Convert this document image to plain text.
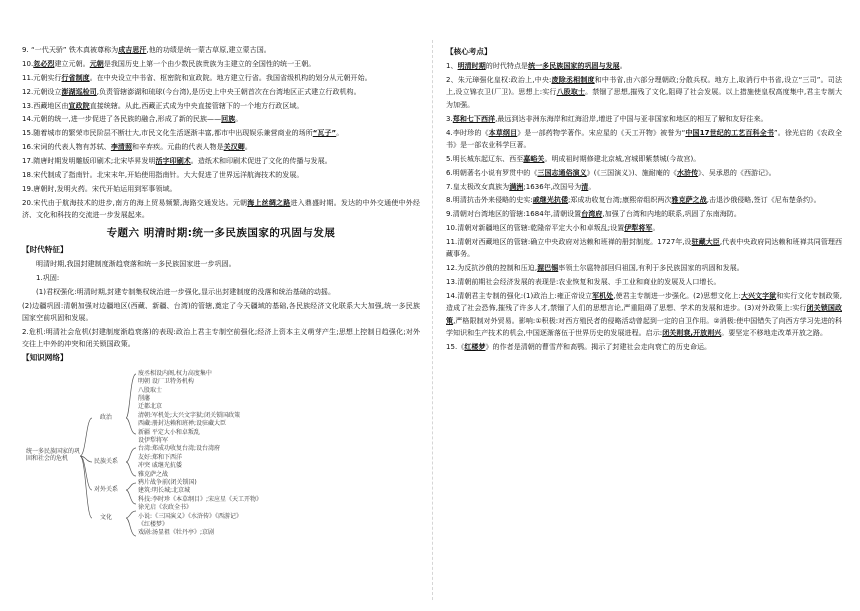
9. “一代天骄” 铁木真被尊称为成吉思汗,他的功绩是统一蒙古草原,建立蒙古国。

10.忽必烈建立元朝。元朝是我国历史上第一个由少数民族贵族为主建立的全国性的统一王朝。

11.元朝实行行省制度。在中央设立中书省、枢密院和宣政院。地方建立行省。我国省级机构的划分从元朝开始。

12.元朝设立澎湖巡检司,负责管辖澎湖和琉球(今台湾),是历史上中央王朝首次在台湾地区正式建立行政机构。

13.西藏地区由宣政院直接统辖。从此,西藏正式成为中央直接管辖下的一个地方行政区域。

14.元朝的统一,进一步促进了各民族的融合,形成了新的民族——回族。

15.随着城市的繁荣市民阶层不断壮大,市民文化生活逐渐丰富,都市中出现娱乐兼营商业的场所“瓦子”。

16.宋词的代表人物有苏轼、李清照和辛弃疾。元曲的代表人物是关汉卿。

17.隋唐时期发明雕版印刷术;北宋毕昇发明活字印刷术。造纸术和印刷术促进了文化的传播与发展。

18.宋代制成了指南针。北宋末年,开始使用指南针。大大促进了世界远洋航海技术的发展。

19.唐朝时,发明火药。宋代开始运用到军事领域。

20.宋代由于航海技术的进步,南方的海上贸易频繁,海路交通发达。元朝海上丝绸之路进入鼎盛时期。发达的中外交通使中外经济、文化和科技的交流进一步发展起来。

专题六 明清时期:统一多民族国家的巩固与发展
【时代特征】

明清时期,我国封建制度渐趋衰落和统一多民族国家进一步巩固。

1.巩固:

(1)君权强化:明清时期,封建专制集权统治进一步强化,显示出封建制度的没落和统治基础的动摇。

(2)边疆巩固:清朝加强对边疆地区(西藏、新疆、台湾)的管辖,奠定了今天疆域的基础,各民族经济文化联系大大加强,统一多民族国家空前巩固和发展。

2.危机:明清社会危机(封建制度渐趋衰落)的表现:政治上君主专制空前强化;经济上资本主义萌芽产生;思想上控制日趋强化;对外交往上中外的冲突和闭关锁国政策。

【知识网络】
统一多民族国家的巩固和社会的危机
政治
民族关系
对外关系
文化
废丞相设内阁,权力高度集中
明朝 设厂卫特务机构
八股取士
削藩
迁都北京
清朝:军机处;大兴文字狱;闭关锁国政策
西藏:册封达赖和班禅;设驻藏大臣
新疆 平定大小和卓叛乱
设伊犁将军
台湾:郑成功收复台湾;设台湾府
友好:郑和下西洋
冲突 戚继光抗倭
雅克萨之战
鸦片战争前(闭关锁国)
建筑:明长城;北京城
科技:李时珍《本草纲目》;宋应星《天工开物》
徐光启《农政全书》
小说:《三国演义》《水浒传》《西游记》
《红楼梦》
戏剧:汤显祖《牡丹亭》;京剧
【核心考点】

1、明清时期的时代特点是统一多民族国家的巩固与发展。

2、朱元璋强化皇权:政治上,中央:废除丞相制度和中书省,由六部分理朝政;分散兵权。地方上,取消行中书省,设立“三司”。司法上,设立锦衣卫(厂卫)。思想上:实行八股取士。禁锢了思想,摧残了文化,阻碍了社会发展。以上措施使皇权高度集中,君主专制大为加强。

3.郑和七下西洋,最远到达非洲东海岸和红海沿岸,增进了中国与亚非国家和地区的相互了解和友好往来。

4.李时珍的《本草纲目》是一部药物学著作。宋应星的《天工开物》被誉为“中国17世纪的工艺百科全书”。徐光启的《农政全书》是一部农业科学巨著。

5.明长城东起辽东、西至嘉峪关。明成祖时期修建北京城,宫城即紫禁城(今故宫)。

6.明朝著名小说有罗贯中的《三国志通俗演义》(《三国演义》)、施耐庵的《水浒传》、吴承恩的《西游记》。

7.皇太极改女真族为满洲;1636年,改国号为清。

8.明清抗击外来侵略的史实:戚继光抗倭;郑成功收复台湾;康熙帝组织两次雅克萨之战,击退沙俄侵略,签订《尼布楚条约》。

9.清朝对台湾地区的管辖:1684年,清朝设置台湾府,加强了台湾和内地的联系,巩固了东南海防。

10.清朝对新疆地区的管辖:乾隆帝平定大小和卓叛乱;设置伊犁将军。

11.清朝对西藏地区的管辖:确立中央政府对达赖和班禅的册封制度。1727年,设驻藏大臣,代表中央政府同达赖和班禅共同管理西藏事务。

12.为反抗沙俄的控制和压迫,渥巴锡率领土尔扈特部回归祖国,有利于多民族国家的巩固和发展。

13.清朝前期社会经济发展的表现是:农业恢复和发展、手工业和商业的发展及人口增长。

14.清朝君主专制的强化:(1)政治上:雍正帝设立军机处,使君主专制进一步强化。(2)思想文化上:大兴文字狱和实行文化专制政策,造成了社会恐怖,摧残了许多人才,禁锢了人们的思想言论,严重阻碍了思想、学术的发展和进步。(3)对外政策上:实行闭关锁国政策,严格限制对外贸易。影响:①积极:对西方殖民者的侵略活动曾起到一定的自卫作用。②消极:使中国错失了向西方学习先进的科学知识和生产技术的机会,中国逐渐落伍于世界历史的发展进程。启示:闭关则衰,开放则兴。要坚定不移地走改革开放之路。

15.《红楼梦》的作者是清朝的曹雪芹和高鹗。揭示了封建社会走向衰亡的历史命运。
